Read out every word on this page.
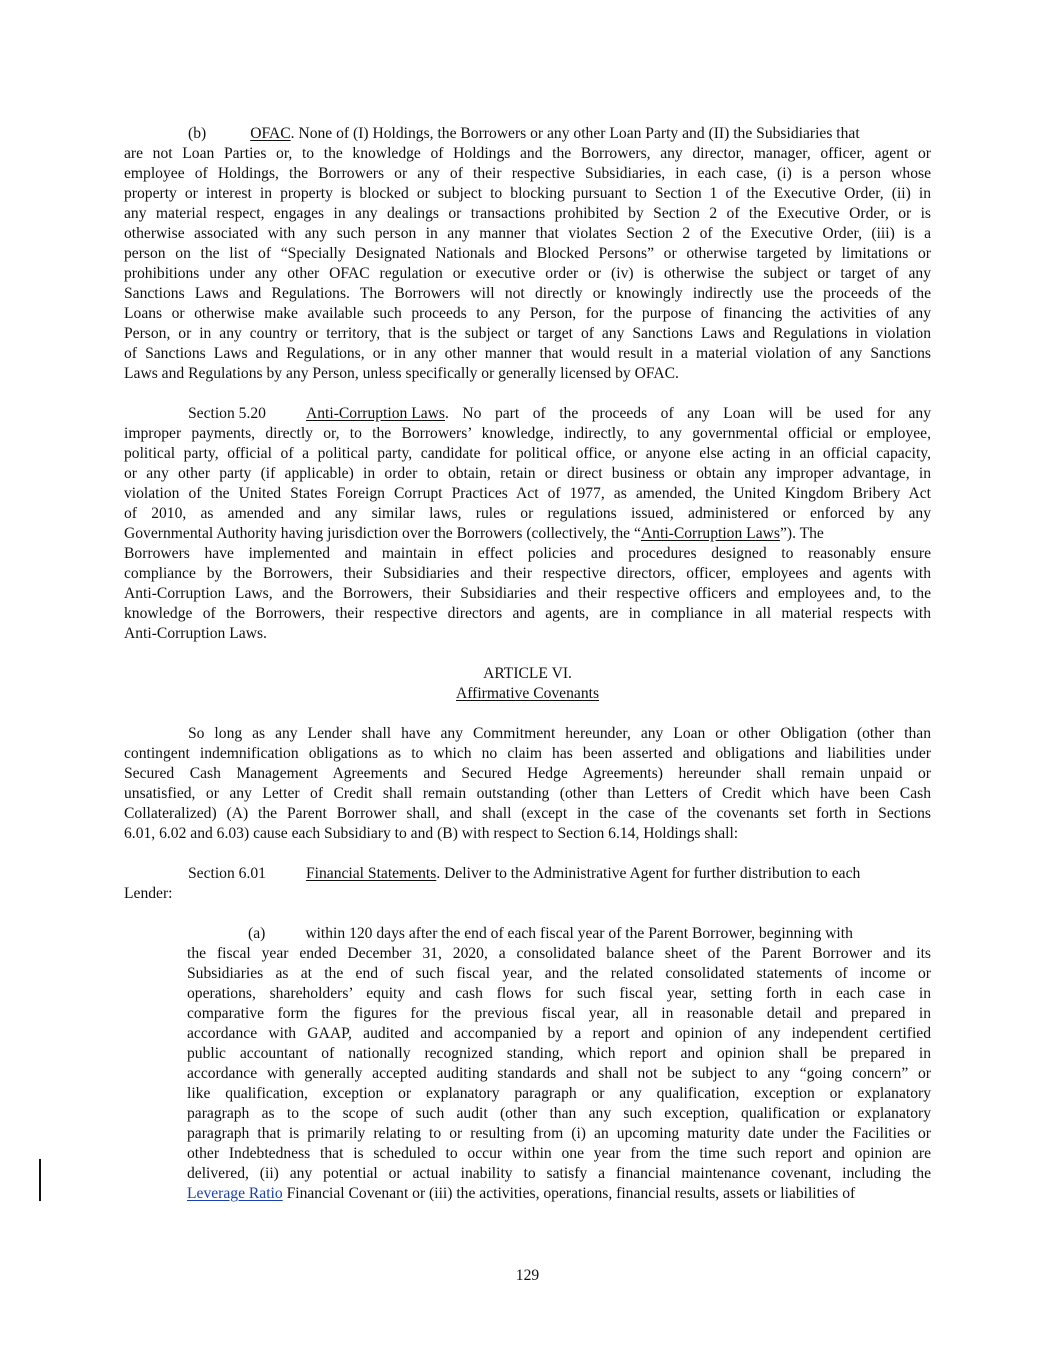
(b)	OFAC. None of (I) Holdings, the Borrowers or any other Loan Party and (II) the Subsidiaries that
are not Loan Parties or, to the knowledge of Holdings and the Borrowers, any director, manager, officer, agent or
employee of Holdings, the Borrowers or any of their respective Subsidiaries, in each case, (i) is a person whose
property or interest in property is blocked or subject to blocking pursuant to Section 1 of the Executive Order, (ii) in
any material respect, engages in any dealings or transactions prohibited by Section 2 of the Executive Order, or is
otherwise associated with any such person in any manner that violates Section 2 of the Executive Order, (iii) is a
person on the list of “Specially Designated Nationals and Blocked Persons” or otherwise targeted by limitations or
prohibitions under any other OFAC regulation or executive order or (iv) is otherwise the subject or target of any
Sanctions Laws and Regulations. The Borrowers will not directly or knowingly indirectly use the proceeds of the
Loans or otherwise make available such proceeds to any Person, for the purpose of financing the activities of any
Person, or in any country or territory, that is the subject or target of any Sanctions Laws and Regulations in violation
of Sanctions Laws and Regulations, or in any other manner that would result in a material violation of any Sanctions
Laws and Regulations by any Person, unless specifically or generally licensed by OFAC.
Section 5.20	Anti-Corruption Laws . No part of the proceeds of any Loan will be used for any
improper payments, directly or, to the Borrowers’ knowledge, indirectly, to any governmental official or employee,
political party, official of a political party, candidate for political office, or anyone else acting in an official capacity,
or any other party (if applicable) in order to obtain, retain or direct business or obtain any improper advantage, in
violation of the United States Foreign Corrupt Practices Act of 1977, as amended, the United Kingdom Bribery Act
of 2010, as amended and any similar laws, rules or regulations issued, administered or enforced by any
Governmental Authority having jurisdiction over the Borrowers (collectively, the “Anti-Corruption Laws”). The
Borrowers have implemented and maintain in effect policies and procedures designed to reasonably ensure
compliance by the Borrowers, their Subsidiaries and their respective directors, officer, employees and agents with
Anti-Corruption Laws, and the Borrowers, their Subsidiaries and their respective officers and employees and, to the
knowledge of the Borrowers, their respective directors and agents, are in compliance in all material respects with
Anti-Corruption Laws.
ARTICLE VI.
Affirmative Covenants
So long as any Lender shall have any Commitment hereunder, any Loan or other Obligation (other than
contingent indemnification obligations as to which no claim has been asserted and obligations and liabilities under
Secured Cash Management Agreements and Secured Hedge Agreements) hereunder shall remain unpaid or
unsatisfied, or any Letter of Credit shall remain outstanding (other than Letters of Credit which have been Cash
Collateralized) (A) the Parent Borrower shall, and shall (except in the case of the covenants set forth in Sections
6.01, 6.02 and 6.03) cause each Subsidiary to and (B) with respect to Section 6.14, Holdings shall:
Section 6.01	Financial Statements. Deliver to the Administrative Agent for further distribution to each
Lender:
(a)	within 120 days after the end of each fiscal year of the Parent Borrower, beginning with
the fiscal year ended December 31, 2020, a consolidated balance sheet of the Parent Borrower and its
Subsidiaries as at the end of such fiscal year, and the related consolidated statements of income or
operations, shareholders’ equity and cash flows for such fiscal year, setting forth in each case in
comparative form the figures for the previous fiscal year, all in reasonable detail and prepared in
accordance with GAAP, audited and accompanied by a report and opinion of any independent certified
public accountant of nationally recognized standing, which report and opinion shall be prepared in
accordance with generally accepted auditing standards and shall not be subject to any “going concern” or
like qualification, exception or explanatory paragraph or any qualification, exception or explanatory
paragraph as to the scope of such audit (other than any such exception, qualification or explanatory
paragraph that is primarily relating to or resulting from (i) an upcoming maturity date under the Facilities or
other Indebtedness that is scheduled to occur within one year from the time such report and opinion are
delivered, (ii) any potential or actual inability to satisfy a financial maintenance covenant, including the
Leverage Ratio Financial Covenant or (iii) the activities, operations, financial results, assets or liabilities of
129
